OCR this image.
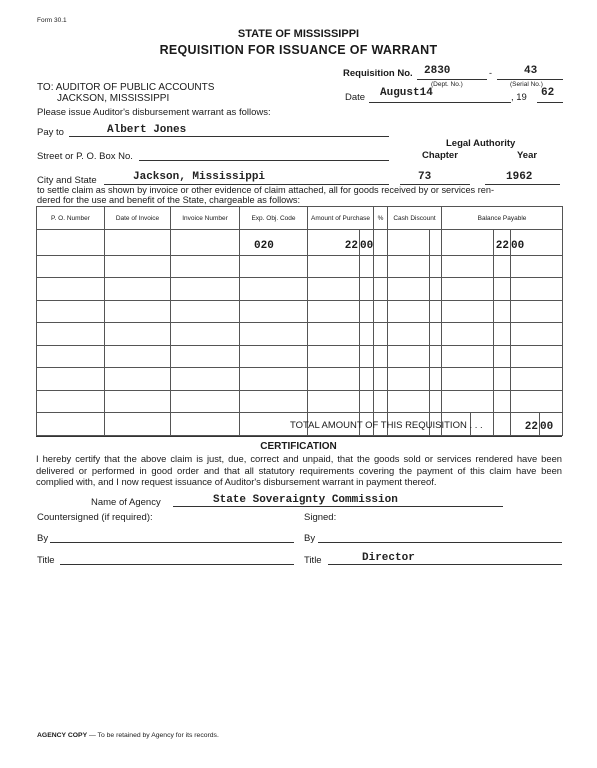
Form 30.1
STATE OF MISSISSIPPI
REQUISITION FOR ISSUANCE OF WARRANT
Requisition No. 2830
(Dept. No.)
-	43
(Serial No.)
TO: AUDITOR OF PUBLIC ACCOUNTS
JACKSON, MISSISSIPPI	Date August14	, 19 62
Please issue Auditor's disbursement warrant as follows:
Pay to	Albert Jones
Legal Authority
Chapter	Year
Street or P. O. Box No.
City and State	Jackson, Mississippi	73	1962
to settle claim as shown by invoice or other evidence of claim attached, all for goods received by or services ren-
dered for the use and benefit of the State, chargeable as follows:
P. O. Number	Date of Invoice	Invoice Number	Exp. Obj. Code	Amount of Purchase		%	Cash Discount		Balance Payable		
			020	22	00					22	00

TOTAL AMOUNT OF THIS REQUISITION . . .	22 00
CERTIFICATION
I hereby certify that the above claim is just, due, correct and unpaid, that the goods sold or services rendered have been delivered or performed in good order and that all statutory requirements covering the payment of this claim have been complied with, and I now request issuance of Auditor's disbursement warrant in payment thereof.
Name of Agency	State Soveraignty Commission
Countersigned (if required):	Signed:
By	By
Title	Title	Director
AGENCY COPY — To be retained by Agency for its records.
